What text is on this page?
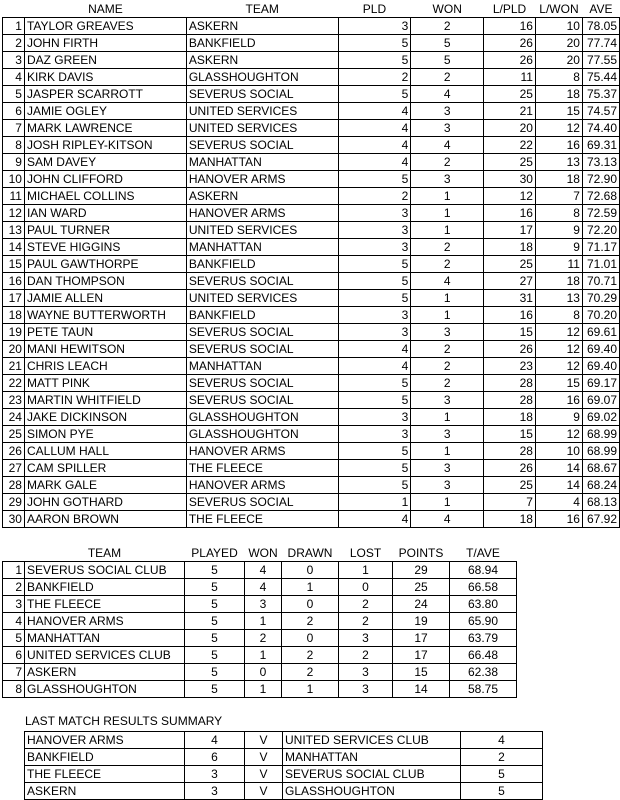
	NAME	TEAM	PLD	WON	L/PLD	L/WON	AVE
1	TAYLOR GREAVES	ASKERN	3	2	16	10	78.05
2	JOHN FIRTH	BANKFIELD	5	5	26	20	77.74
3	DAZ GREEN	ASKERN	5	5	26	20	77.55
4	KIRK DAVIS	GLASSHOUGHTON	2	2	11	8	75.44
5	JASPER SCARROTT	SEVERUS SOCIAL	5	4	25	18	75.37
6	JAMIE OGLEY	UNITED SERVICES	4	3	21	15	74.57
7	MARK LAWRENCE	UNITED SERVICES	4	3	20	12	74.40
8	JOSH RIPLEY-KITSON	SEVERUS SOCIAL	4	4	22	16	69.31
9	SAM DAVEY	MANHATTAN	4	2	25	13	73.13
10	JOHN CLIFFORD	HANOVER ARMS	5	3	30	18	72.90
11	MICHAEL COLLINS	ASKERN	2	1	12	7	72.68
12	IAN WARD	HANOVER ARMS	3	1	16	8	72.59
13	PAUL TURNER	UNITED SERVICES	3	1	17	9	72.20
14	STEVE HIGGINS	MANHATTAN	3	2	18	9	71.17
15	PAUL GAWTHORPE	BANKFIELD	5	2	25	11	71.01
16	DAN THOMPSON	SEVERUS SOCIAL	5	4	27	18	70.71
17	JAMIE ALLEN	UNITED SERVICES	5	1	31	13	70.29
18	WAYNE BUTTERWORTH	BANKFIELD	3	1	16	8	70.20
19	PETE TAUN	SEVERUS SOCIAL	3	3	15	12	69.61
20	MANI HEWITSON	SEVERUS SOCIAL	4	2	26	12	69.40
21	CHRIS LEACH	MANHATTAN	4	2	23	12	69.40
22	MATT PINK	SEVERUS SOCIAL	5	2	28	15	69.17
23	MARTIN WHITFIELD	SEVERUS SOCIAL	5	3	28	16	69.07
24	JAKE DICKINSON	GLASSHOUGHTON	3	1	18	9	69.02
25	SIMON PYE	GLASSHOUGHTON	3	3	15	12	68.99
26	CALLUM HALL	HANOVER ARMS	5	1	28	10	68.99
27	CAM SPILLER	THE FLEECE	5	3	26	14	68.67
28	MARK GALE	HANOVER ARMS	5	3	25	14	68.24
29	JOHN GOTHARD	SEVERUS SOCIAL	1	1	7	4	68.13
30	AARON BROWN	THE FLEECE	4	4	18	16	67.92
	TEAM	PLAYED	WON	DRAWN	LOST	POINTS	T/AVE
1	SEVERUS SOCIAL CLUB	5	4	0	1	29	68.94
2	BANKFIELD	5	4	1	0	25	66.58
3	THE FLEECE	5	3	0	2	24	63.80
4	HANOVER ARMS	5	1	2	2	19	65.90
5	MANHATTAN	5	2	0	3	17	63.79
6	UNITED SERVICES CLUB	5	1	2	2	17	66.48
7	ASKERN	5	0	2	3	15	62.38
8	GLASSHOUGHTON	5	1	1	3	14	58.75
LAST MATCH RESULTS SUMMARY
HANOVER ARMS	4	V	UNITED SERVICES CLUB	4
BANKFIELD	6	V	MANHATTAN	2
THE FLEECE	3	V	SEVERUS SOCIAL CLUB	5
ASKERN	3	V	GLASSHOUGHTON	5
